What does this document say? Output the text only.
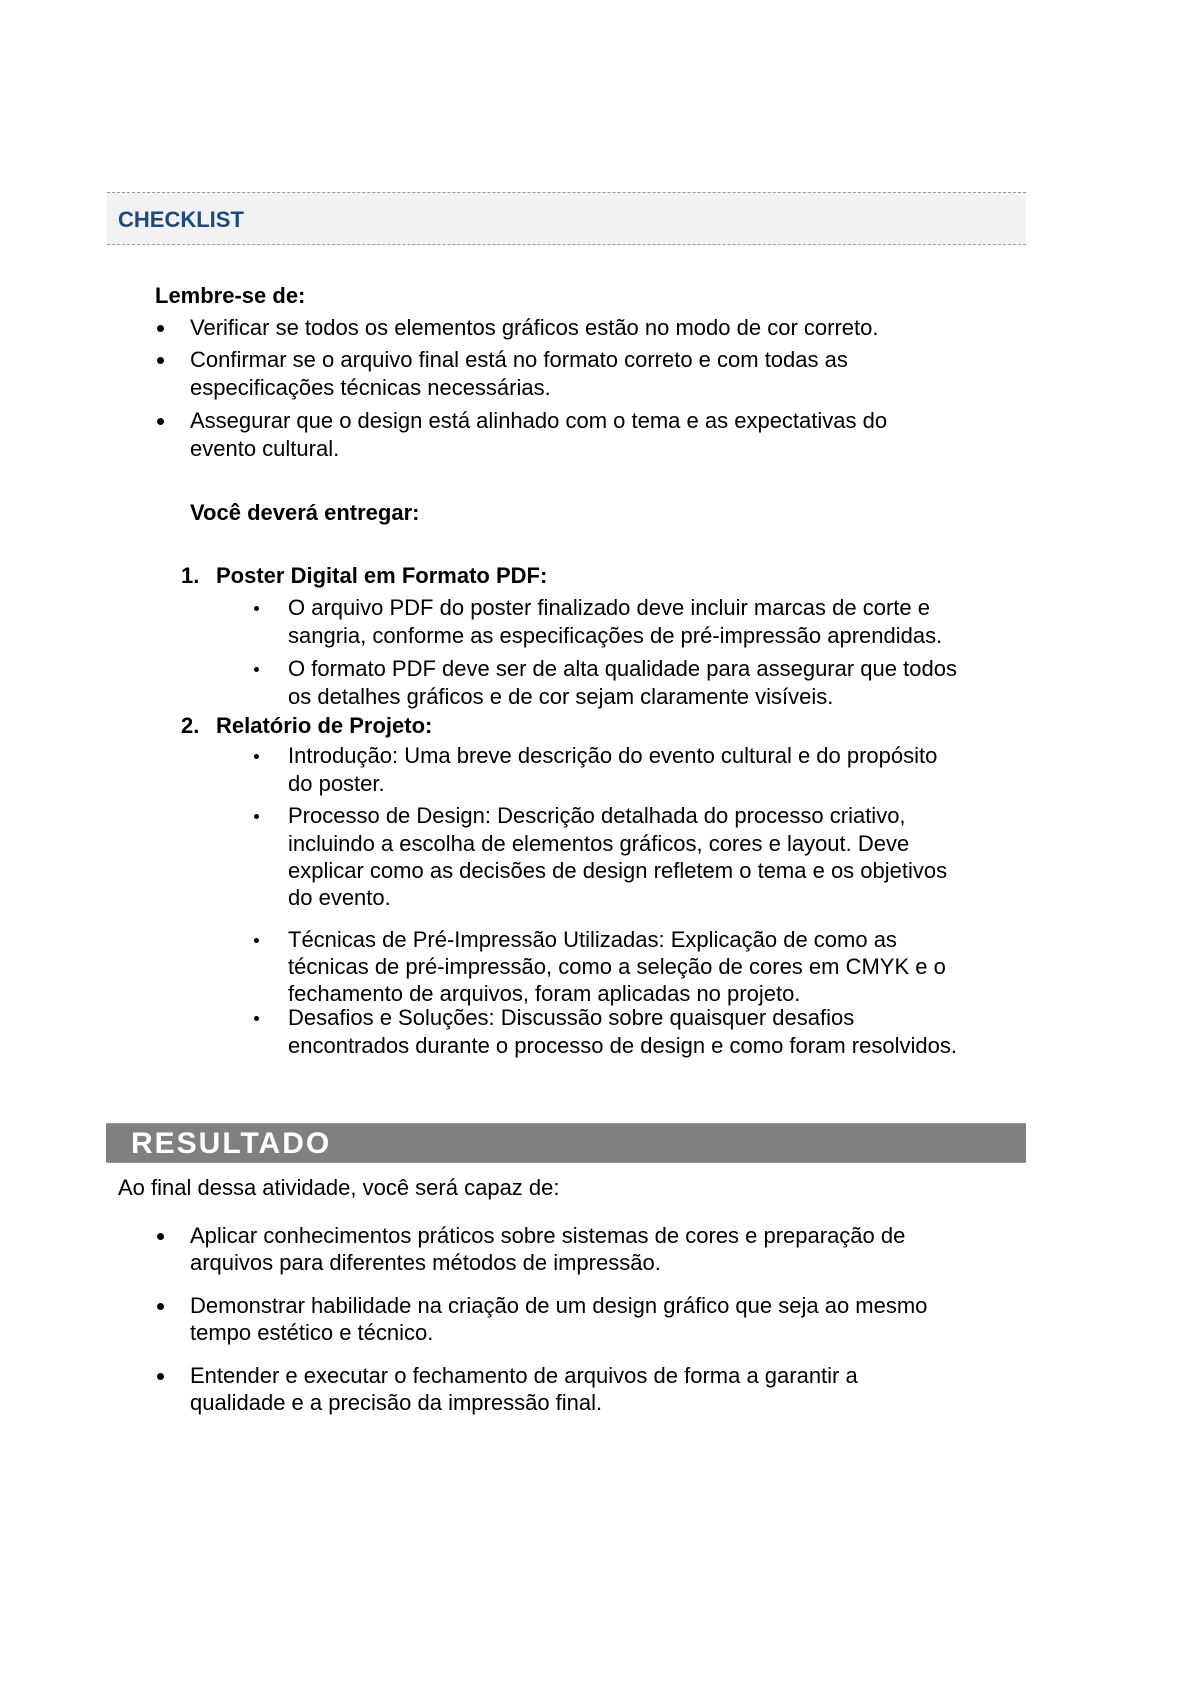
CHECKLIST
Lembre-se de:
Verificar se todos os elementos gráficos estão no modo de cor correto.
Confirmar se o arquivo final está no formato correto e com todas as
especificações técnicas necessárias.
Assegurar que o design está alinhado com o tema e as expectativas do
evento cultural.
Você deverá entregar:
1. Poster Digital em Formato PDF:
O arquivo PDF do poster finalizado deve incluir marcas de corte e
sangria, conforme as especificações de pré-impressão aprendidas.
O formato PDF deve ser de alta qualidade para assegurar que todos
os detalhes gráficos e de cor sejam claramente visíveis.
2. Relatório de Projeto:
Introdução: Uma breve descrição do evento cultural e do propósito
do poster.
Processo de Design: Descrição detalhada do processo criativo,
incluindo a escolha de elementos gráficos, cores e layout. Deve
explicar como as decisões de design refletem o tema e os objetivos
do evento.
Técnicas de Pré-Impressão Utilizadas: Explicação de como as
técnicas de pré-impressão, como a seleção de cores em CMYK e o
fechamento de arquivos, foram aplicadas no projeto.
Desafios e Soluções: Discussão sobre quaisquer desafios
encontrados durante o processo de design e como foram resolvidos.
RESULTADO
Ao final dessa atividade, você será capaz de:
Aplicar conhecimentos práticos sobre sistemas de cores e preparação de
arquivos para diferentes métodos de impressão.
Demonstrar habilidade na criação de um design gráfico que seja ao mesmo
tempo estético e técnico.
Entender e executar o fechamento de arquivos de forma a garantir a
qualidade e a precisão da impressão final.
